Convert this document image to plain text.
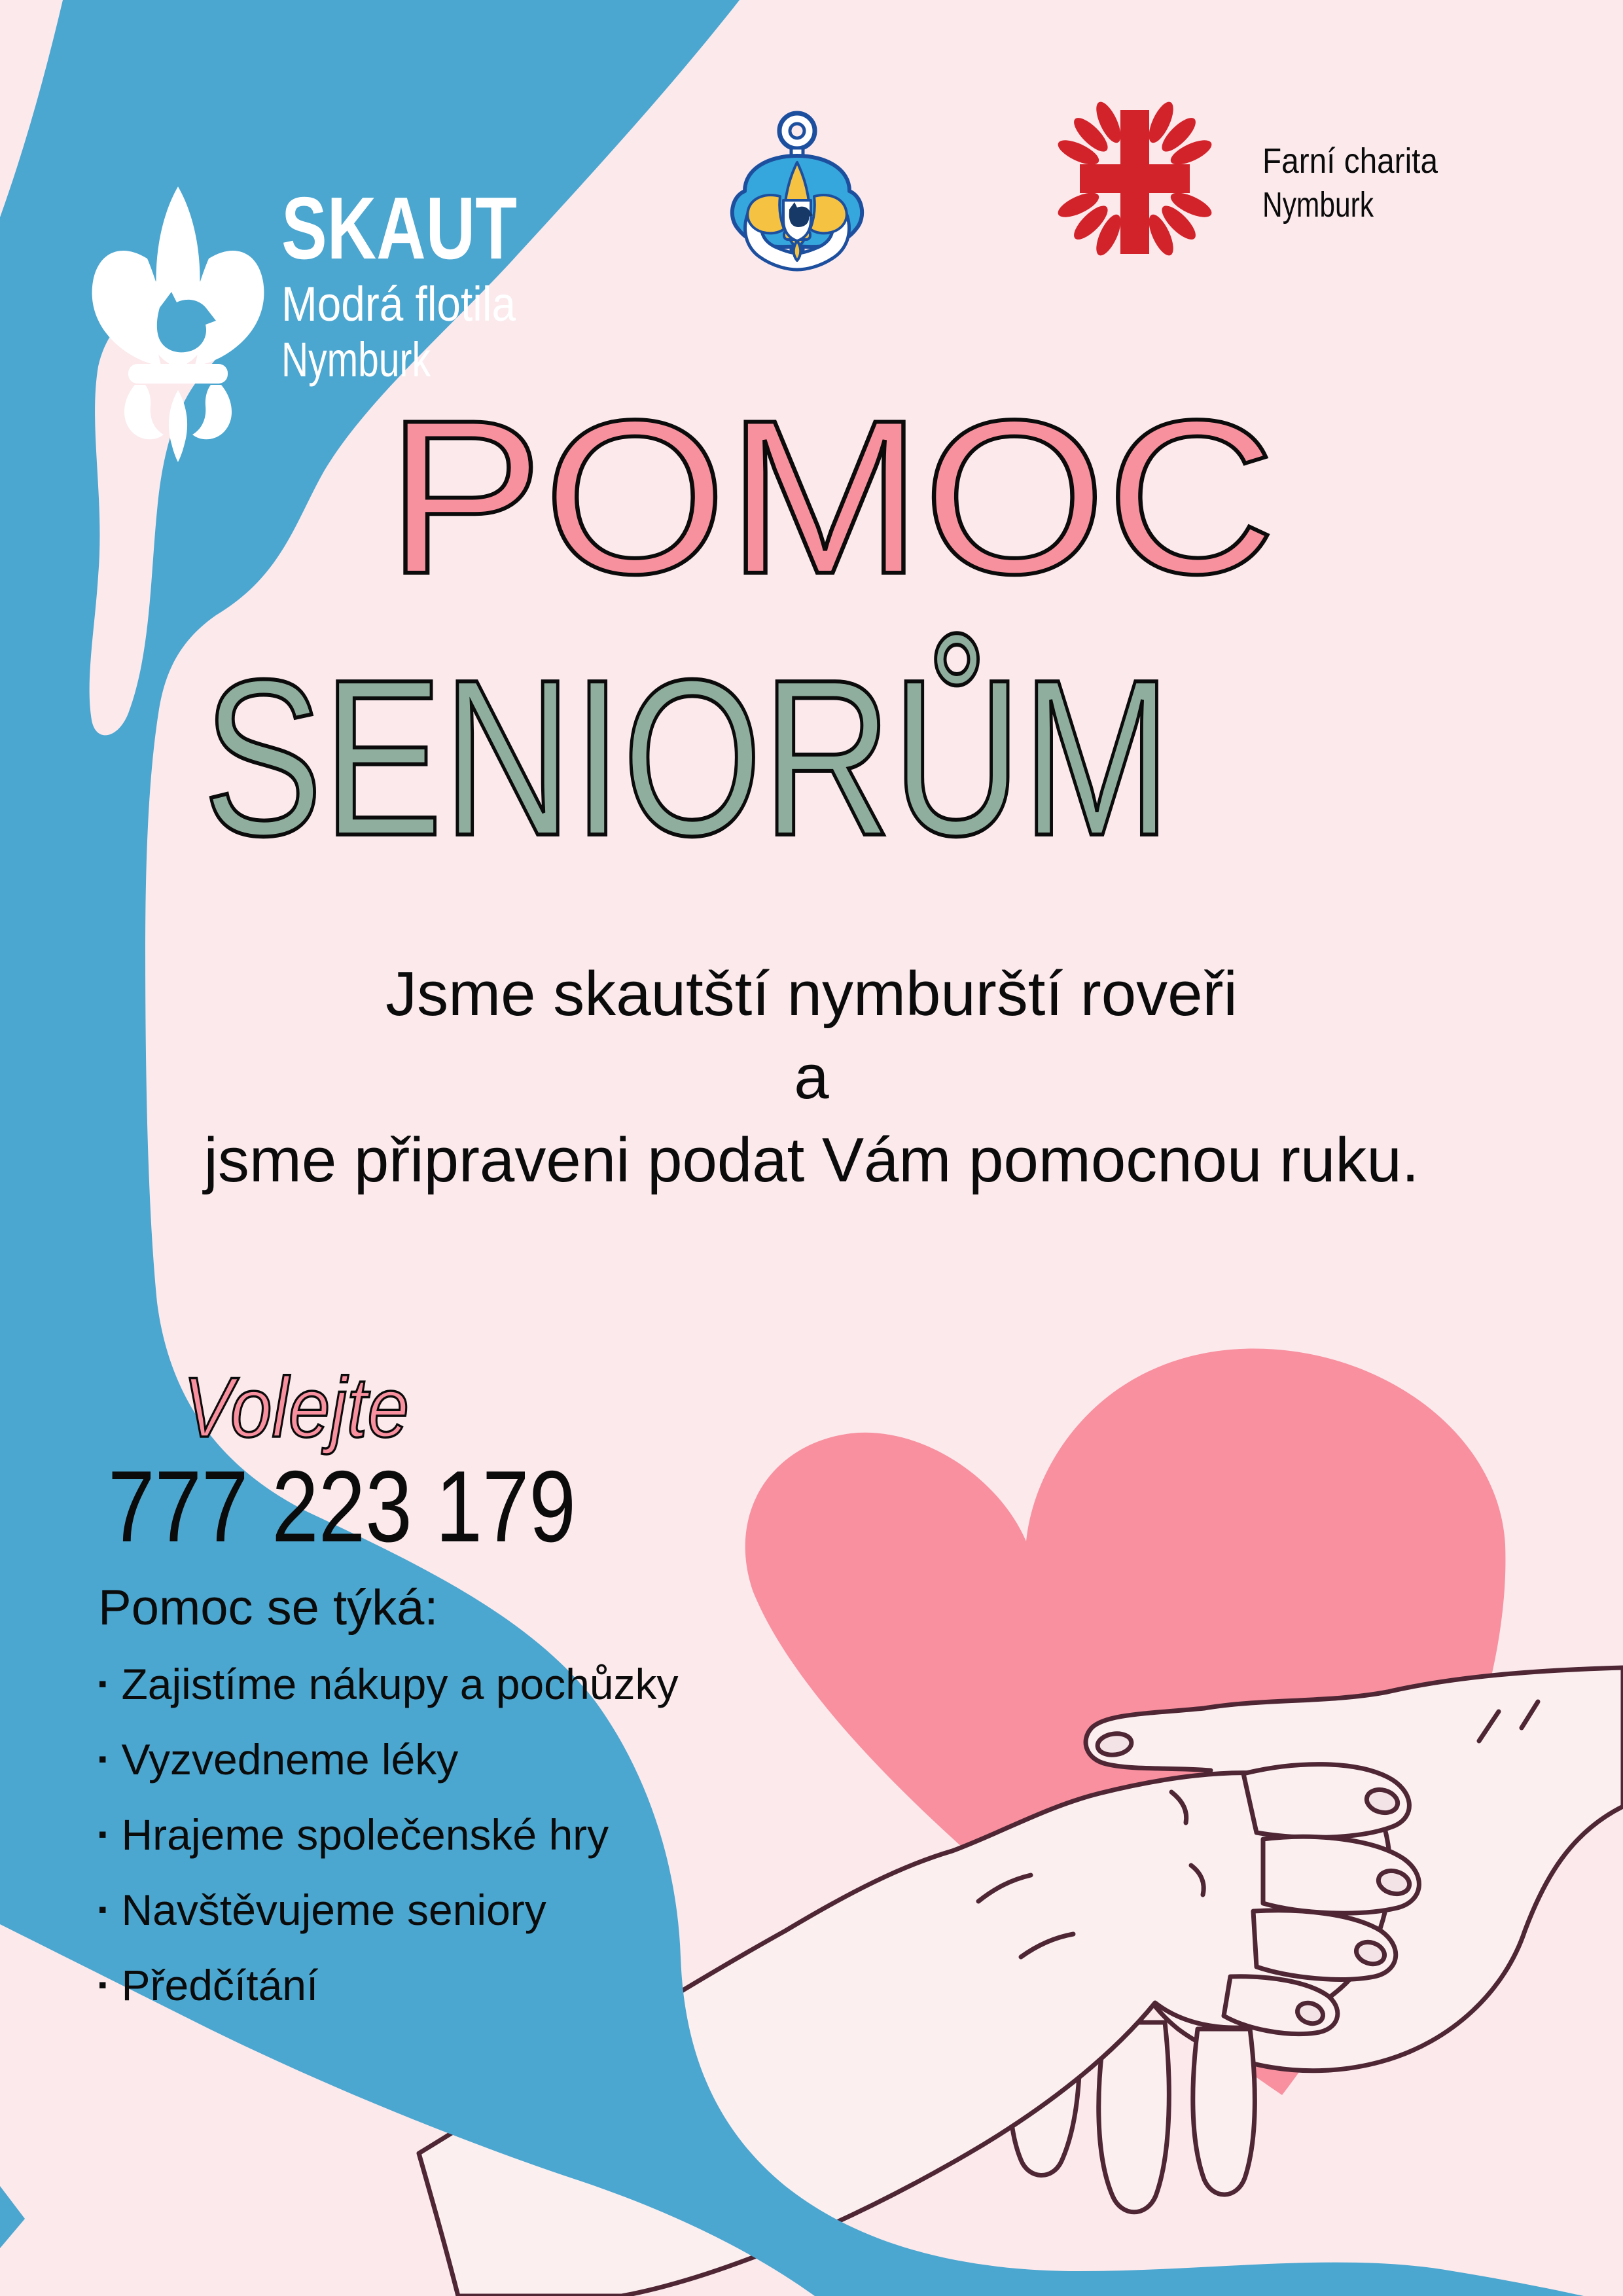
SKAUT
Modrá flotila
Nymburk
Farní charita
Nymburk
POMOC
SENIORŮM
Jsme skautští nymburští roveři
a
jsme připraveni podat Vám pomocnou ruku.
Volejte
777 223 179

Pomoc se týká:

▪ Zajistíme nákupy a pochůzky
▪ Vyzvedneme léky
▪ Hrajeme společenské hry
▪ Navštěvujeme seniory
▪ Předčítání
